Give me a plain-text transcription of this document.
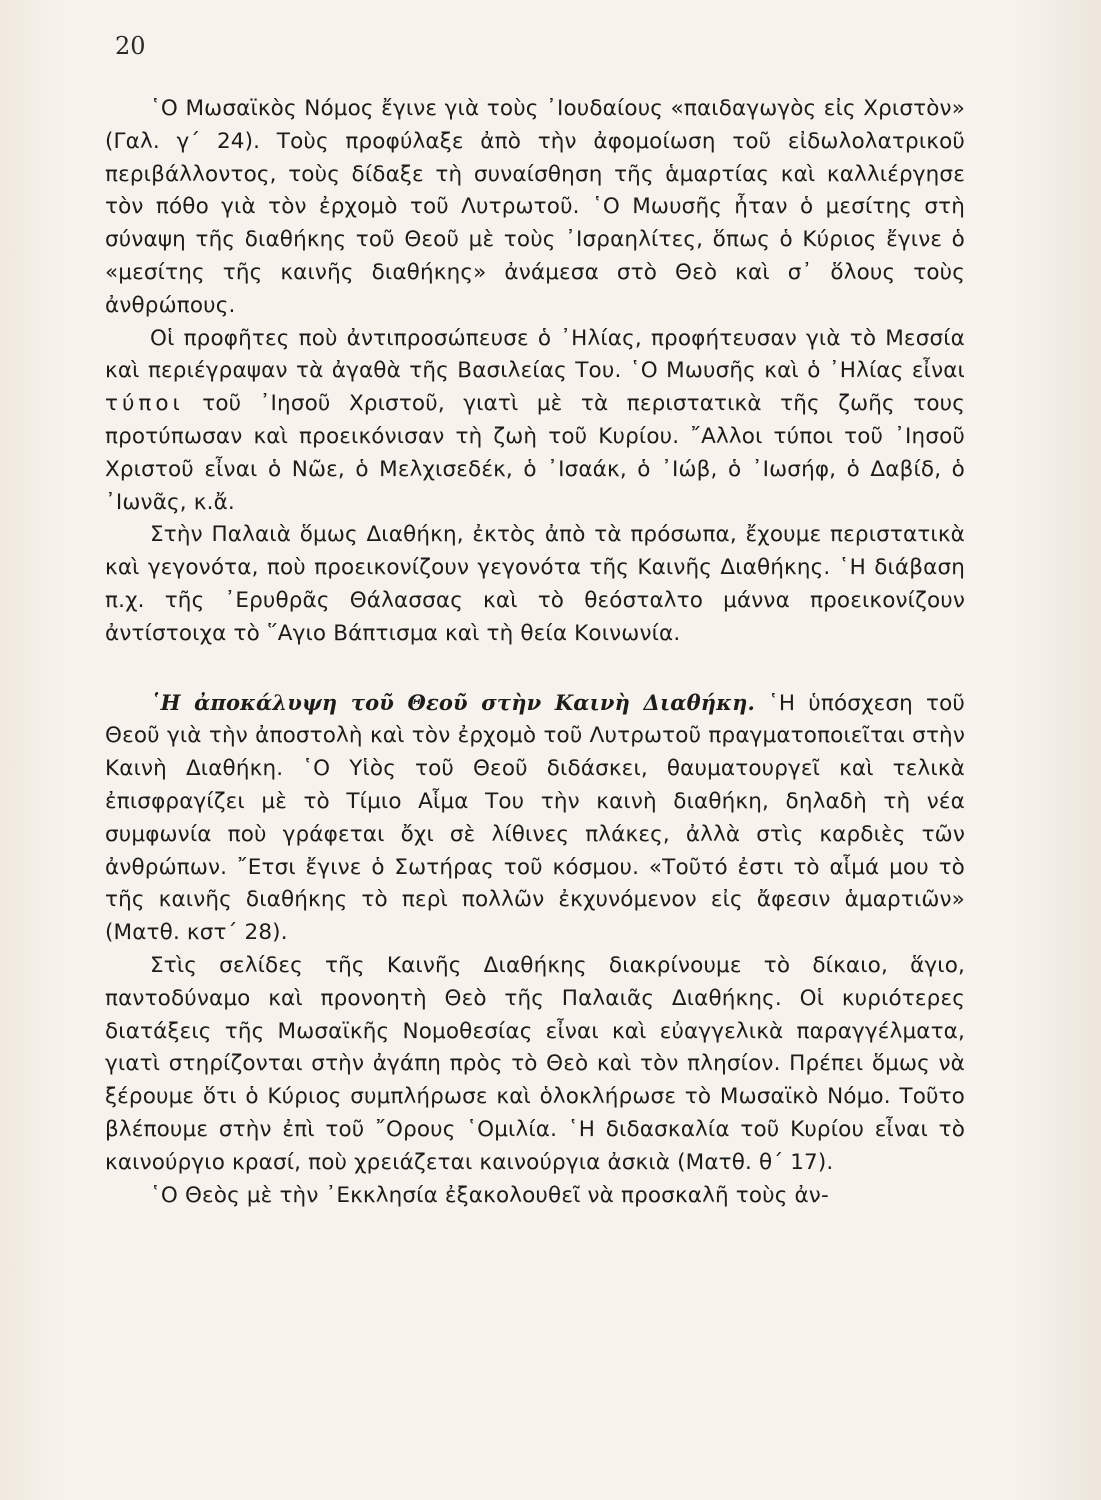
20

῾Ο Μωσαϊκὸς Νόμος ἔγινε γιὰ τοὺς ᾿Ιουδαίους «παιδαγωγὸς εἰς Χριστὸν» (Γαλ. γ΄ 24). Τοὺς προφύλαξε ἀπὸ τὴν ἀφομοίωση τοῦ εἰδωλολατρικοῦ περιβάλλοντος, τοὺς δίδαξε τὴ συναίσθηση τῆς ἁμαρτίας καὶ καλλιέργησε τὸν πόθο γιὰ τὸν ἐρχομὸ τοῦ Λυτρωτοῦ. ῾Ο Μωυσῆς ἦταν ὁ μεσίτης στὴ σύναψη τῆς διαθήκης τοῦ Θεοῦ μὲ τοὺς ᾿Ισραηλίτες, ὅπως ὁ Κύριος ἔγινε ὁ «μεσίτης τῆς καινῆς διαθήκης» ἀνάμεσα στὸ Θεὸ καὶ σ᾿ ὅλους τοὺς ἀνθρώπους.

Οἱ προφῆτες ποὺ ἀντιπροσώπευσε ὁ ᾿Ηλίας, προφήτευσαν γιὰ τὸ Μεσσία καὶ περιέγραψαν τὰ ἀγαθὰ τῆς Βασιλείας Του. ῾Ο Μωυσῆς καὶ ὁ ᾿Ηλίας εἶναι τύποι τοῦ ᾿Ιησοῦ Χριστοῦ, γιατὶ μὲ τὰ περιστατικὰ τῆς ζωῆς τους προτύπωσαν καὶ προεικόνισαν τὴ ζωὴ τοῦ Κυρίου. ῎Αλλοι τύποι τοῦ ᾿Ιησοῦ Χριστοῦ εἶναι ὁ Νῶε, ὁ Μελχισεδέκ, ὁ ᾿Ισαάκ, ὁ ᾿Ιώβ, ὁ ᾿Ιωσήφ, ὁ Δαβίδ, ὁ ᾿Ιωνᾶς, κ.ἄ.

Στὴν Παλαιὰ ὅμως Διαθήκη, ἐκτὸς ἀπὸ τὰ πρόσωπα, ἔχουμε περιστατικὰ καὶ γεγονότα, ποὺ προεικονίζουν γεγονότα τῆς Καινῆς Διαθήκης. ῾Η διάβαση π.χ. τῆς ᾿Ερυθρᾶς Θάλασσας καὶ τὸ θεόσταλτο μάννα προεικονίζουν ἀντίστοιχα τὸ ῞Αγιο Βάπτισμα καὶ τὴ θεία Κοινωνία.

῾Η ἀποκάλυψη τοῦ Θεοῦ στὴν Καινὴ Διαθήκη. ῾Η ὑπόσχεση τοῦ Θεοῦ γιὰ τὴν ἀποστολὴ καὶ τὸν ἐρχομὸ τοῦ Λυτρωτοῦ πραγματοποιεῖται στὴν Καινὴ Διαθήκη. ῾Ο Υἱὸς τοῦ Θεοῦ διδάσκει, θαυματουργεῖ καὶ τελικὰ ἐπισφραγίζει μὲ τὸ Τίμιο Αἷμα Του τὴν καινὴ διαθήκη, δηλαδὴ τὴ νέα συμφωνία ποὺ γράφεται ὄχι σὲ λίθινες πλάκες, ἀλλὰ στὶς καρδιὲς τῶν ἀνθρώπων. ῎Ετσι ἔγινε ὁ Σωτήρας τοῦ κόσμου. «Τοῦτό ἐστι τὸ αἷμά μου τὸ τῆς καινῆς διαθήκης τὸ περὶ πολλῶν ἐκχυνόμενον εἰς ἄφεσιν ἁμαρτιῶν» (Ματθ. κστ΄ 28).

Στὶς σελίδες τῆς Καινῆς Διαθήκης διακρίνουμε τὸ δίκαιο, ἅγιο, παντοδύναμο καὶ προνοητὴ Θεὸ τῆς Παλαιᾶς Διαθήκης. Οἱ κυριότερες διατάξεις τῆς Μωσαϊκῆς Νομοθεσίας εἶναι καὶ εὐαγγελικὰ παραγγέλματα, γιατὶ στηρίζονται στὴν ἀγάπη πρὸς τὸ Θεὸ καὶ τὸν πλησίον. Πρέπει ὅμως νὰ ξέρουμε ὅτι ὁ Κύριος συμπλήρωσε καὶ ὁλοκλήρωσε τὸ Μωσαϊκὸ Νόμο. Τοῦτο βλέπουμε στὴν ἐπὶ τοῦ ῎Ορους ῾Ομιλία. ῾Η διδασκαλία τοῦ Κυρίου εἶναι τὸ καινούργιο κρασί, ποὺ χρειάζεται καινούργια ἀσκιὰ (Ματθ. θ΄ 17).

῾Ο Θεὸς μὲ τὴν ᾿Εκκλησία ἐξακολουθεῖ νὰ προσκαλῆ τοὺς ἀν-
